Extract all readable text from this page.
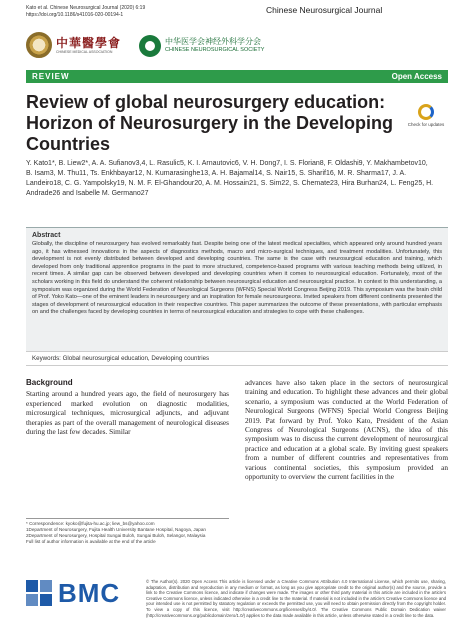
Kato et al. Chinese Neurosurgical Journal (2020) 6:19
https://doi.org/10.1186/s41016-020-00194-1	Chinese Neurosurgical Journal
中華醫學會
CHINESE MEDICAL ASSOCIATION
中华医学会神经外科学分会
CHINESE NEUROSURGICAL SOCIETY
REVIEW	Open Access
Review of global neurosurgery education: Horizon of Neurosurgery in the Developing Countries
Check for updates
Y. Kato1*, B. Liew2*, A. A. Sufianov3,4, L. Rasulic5, K. I. Arnautovic6, V. H. Dong7, I. S. Florian8, F. Oldashi9, Y. Makhambetov10, B. Isam3, M. Thu11, Ts. Enkhbayar12, N. Kumarasinghe13, A. H. Bajamal14, S. Nair15, S. Sharif16, M. R. Sharma17, J. A. Landeiro18, C. G. Yampolsky19, N. M. F. El-Ghandour20, A. M. Hossain21, S. Sim22, S. Chemate23, Hira Burhan24, L. Feng25, H. Andrade26 and Isabelle M. Germano27
Abstract

Globally, the discipline of neurosurgery has evolved remarkably fast. Despite being one of the latest medical specialties, which appeared only around hundred years ago, it has witnessed innovations in the aspects of diagnostics methods, macro and micro-surgical techniques, and treatment modalities. Unfortunately, this development is not evenly distributed between developed and developing countries. The same is the case with neurosurgical education and training, which developed from only traditional apprentice programs in the past to more structured, competence-based programs with various teaching methods being utilized, in recent times. A similar gap can be observed between developed and developing countries when it comes to neurosurgical education. Fortunately, most of the scholars working in this field do understand the coherent relationship between neurosurgical education and neurosurgical practice. In context to this understanding, a symposium was organized during the World Federation of Neurological Surgeons (WFNS) Special World Congress Beijing 2019. This symposium was the brain child of Prof. Yoko Kato—one of the eminent leaders in neurosurgery and an inspiration for female neurosurgeons. Invited speakers from different continents presented the stages of development of neurosurgical education in their respective countries. This paper summarizes the outcome of these presentations, with particular emphasis on and the challenges faced by developing countries in terms of neurosurgical education and strategies to cope with these challenges.

Keywords: Global neurosurgical education, Developing countries
Background

Starting around a hundred years ago, the field of neurosurgery has experienced marked evolution on diagnostic modalities, microsurgical techniques, microsurgical adjuncts, and adjuvant therapies as part of the overall management of neurological diseases during the last few decades. Similar

advances have also taken place in the sectors of neurosurgical training and education. To highlight these advances and their global scenario, a symposium was conducted at the World Federation of Neurological Surgeons (WFNS) Special World Congress Beijing 2019. Pat forward by Prof. Yoko Kato, President of the Asian Congress of Neurological Surgeons (ACNS), the idea of this symposium was to discuss the current development of neurosurgical practice and education at a global scale. By inviting guest speakers from a number of different countries and representatives from various continental societies, this symposium provided an opportunity to overview the current facilities in the

* Correspondence: kyoko@fujita-hu.ac.jp; liew_bs@yahoo.com
1Department of Neurosurgery, Fujita Health University Bantane Hospital, Nagoya, Japan
2Department of Neurosurgery, Hospital Sungai Buloh, Sungai Buloh, Selangor, Malaysia
Full list of author information is available at the end of the article
BMC	© The Author(s). 2020 Open Access This article is licensed under a Creative Commons Attribution 4.0 International License, which permits use, sharing, adaptation, distribution and reproduction in any medium or format, as long as you give appropriate credit to the original author(s) and the source, provide a link to the Creative Commons licence, and indicate if changes were made. The images or other third party material in this article are included in the article's Creative Commons licence, unless indicated otherwise in a credit line to the material. If material is not included in the article's Creative Commons licence and your intended use is not permitted by statutory regulation or exceeds the permitted use, you will need to obtain permission directly from the copyright holder. To view a copy of this licence, visit http://creativecommons.org/licenses/by/4.0/. The Creative Commons Public Domain Dedication waiver (http://creativecommons.org/publicdomain/zero/1.0/) applies to the data made available in this article, unless otherwise stated in a credit line to the data.
